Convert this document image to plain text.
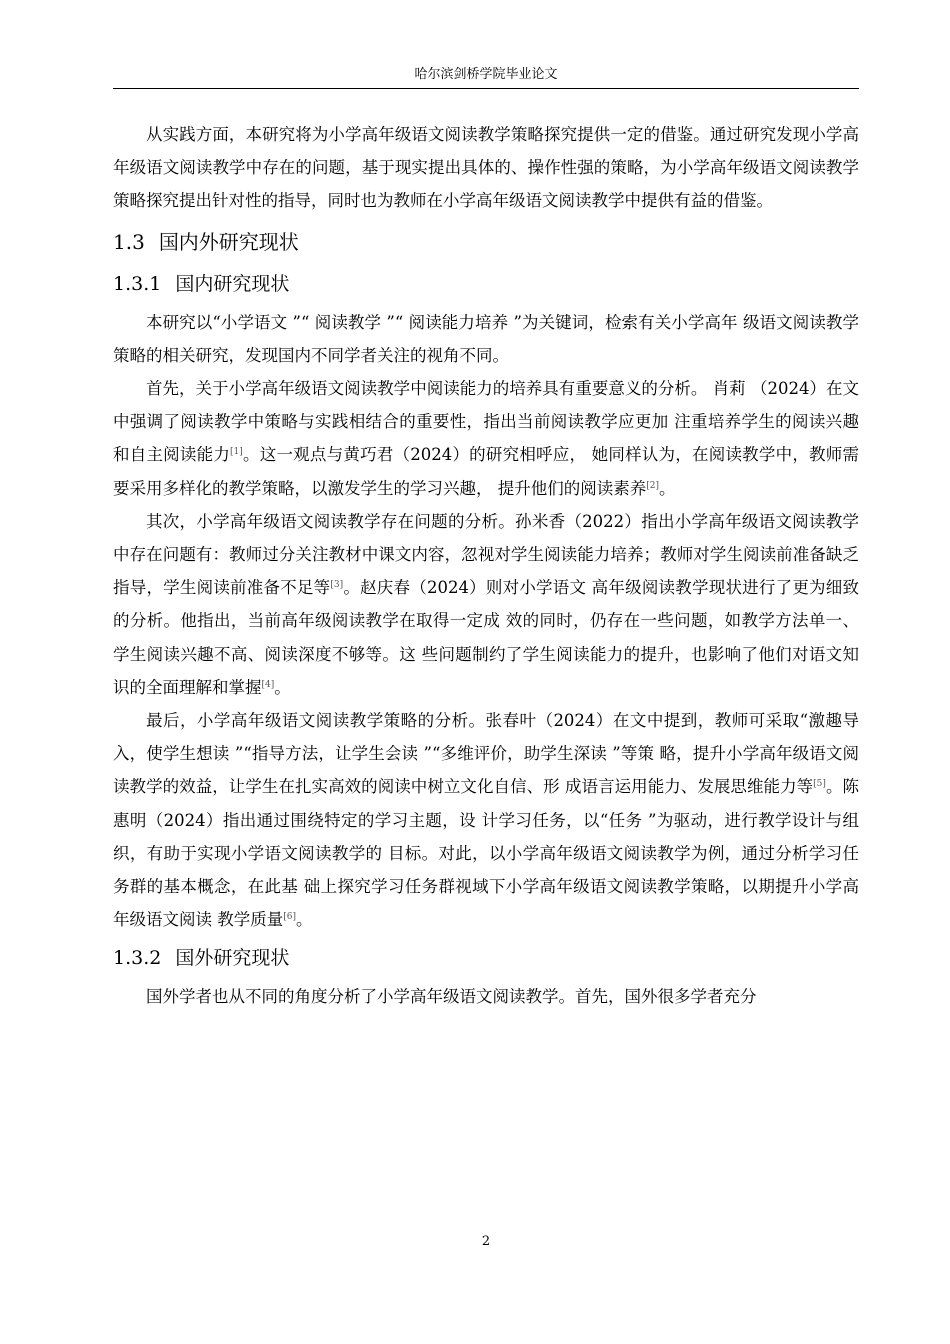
哈尔滨剑桥学院毕业论文

从实践方面，本研究将为小学高年级语文阅读教学策略探究提供一定的借鉴。通过研究发现小学高年级语文阅读教学中存在的问题，基于现实提出具体的、操作性强的策略，为小学高年级语文阅读教学策略探究提出针对性的指导，同时也为教师在小学高年级语文阅读教学中提供有益的借鉴。

1.3 国内外研究现状
1.3.1 国内研究现状

本研究以“小学语文 ”“ 阅读教学 ”“ 阅读能力培养 ”为关键词，检索有关小学高年 级语文阅读教学策略的相关研究，发现国内不同学者关注的视角不同。

首先，关于小学高年级语文阅读教学中阅读能力的培养具有重要意义的分析。 肖莉 （2024）在文中强调了阅读教学中策略与实践相结合的重要性，指出当前阅读教学应更加 注重培养学生的阅读兴趣和自主阅读能力[1]。这一观点与黄巧君（2024）的研究相呼应， 她同样认为，在阅读教学中，教师需要采用多样化的教学策略，以激发学生的学习兴趣， 提升他们的阅读素养[2]。

其次，小学高年级语文阅读教学存在问题的分析。孙米香（2022）指出小学高年级语文阅读教学中存在问题有：教师过分关注教材中课文内容，忽视对学生阅读能力培养；教师对学生阅读前准备缺乏指导，学生阅读前准备不足等[3]。赵庆春（2024）则对小学语文 高年级阅读教学现状进行了更为细致的分析。他指出，当前高年级阅读教学在取得一定成 效的同时，仍存在一些问题，如教学方法单一、学生阅读兴趣不高、阅读深度不够等。这 些问题制约了学生阅读能力的提升，也影响了他们对语文知识的全面理解和掌握[4]。

最后，小学高年级语文阅读教学策略的分析。张春叶（2024）在文中提到，教师可采取“激趣导入，使学生想读 ”“指导方法，让学生会读 ”“多维评价，助学生深读 ”等策 略，提升小学高年级语文阅读教学的效益，让学生在扎实高效的阅读中树立文化自信、形 成语言运用能力、发展思维能力等[5]。陈惠明（2024）指出通过围绕特定的学习主题，设 计学习任务，以“任务 ”为驱动，进行教学设计与组织，有助于实现小学语文阅读教学的 目标。对此，以小学高年级语文阅读教学为例，通过分析学习任务群的基本概念，在此基 础上探究学习任务群视域下小学高年级语文阅读教学策略，以期提升小学高年级语文阅读 教学质量[6]。

1.3.2 国外研究现状

国外学者也从不同的角度分析了小学高年级语文阅读教学。首先，国外很多学者充分

2
